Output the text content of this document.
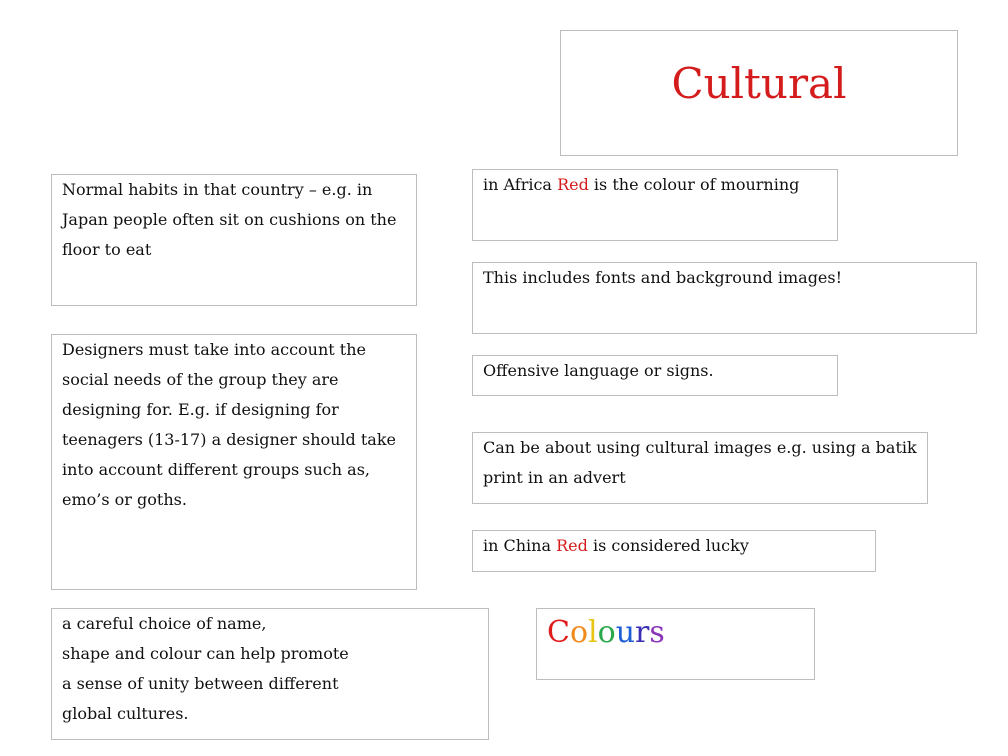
Cultural
Normal habits in that country – e.g. in Japan people often sit on cushions on the floor to eat
Designers must take into account the social needs of the group they are designing for. E.g. if designing for teenagers (13-17) a designer should take into account different groups such as, emo’s or goths.
a careful choice of name,
shape and colour can help promote
a sense of unity between different
global cultures.
in Africa Red is the colour of mourning
This includes fonts and background images!
Offensive language or signs.
Can be about using cultural images e.g. using a batik print in an advert
in China Red is considered lucky
Colours
